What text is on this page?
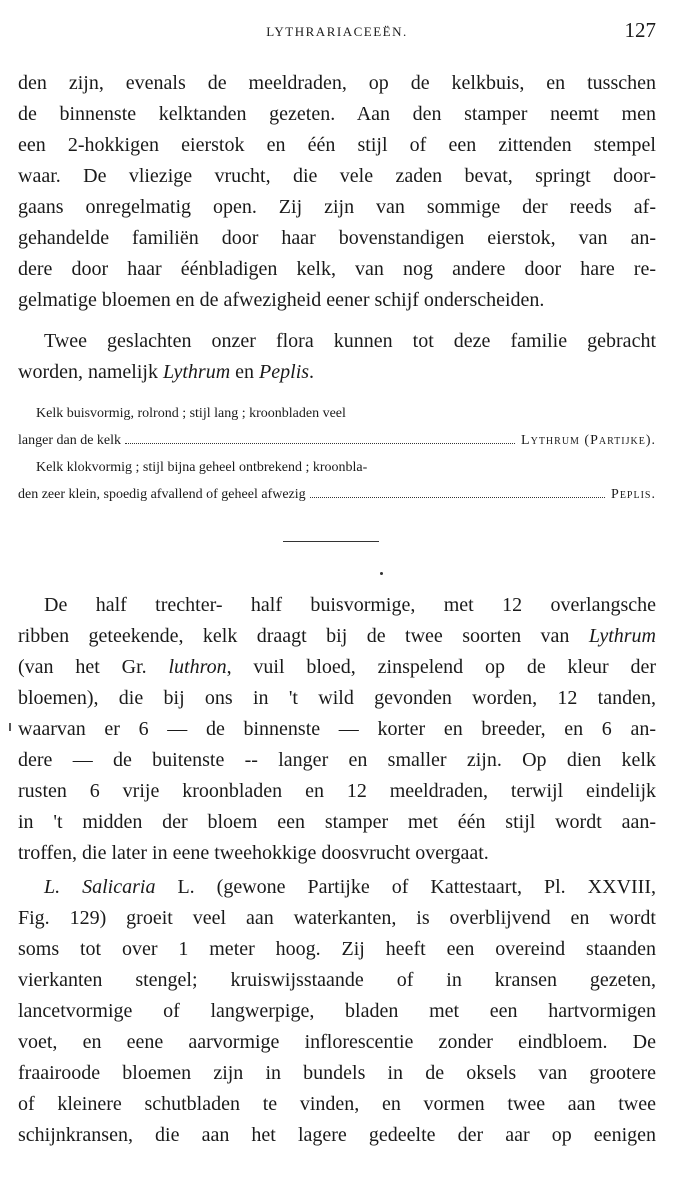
LYTHRARIACEEËN.	127
den zijn, evenals de meeldraden, op de kelkbuis, en tusschen
de binnenste kelktanden gezeten. Aan den stamper neemt men
een 2-hokkigen eierstok en één stijl of een zittenden stempel
waar. De vliezige vrucht, die vele zaden bevat, springt door-
gaans onregelmatig open. Zij zijn van sommige der reeds af-
gehandelde familiën door haar bovenstandigen eierstok, van an-
dere door haar éénbladigen kelk, van nog andere door hare re-
gelmatige bloemen en de afwezigheid eener schijf onderscheiden.
Twee geslachten onzer flora kunnen tot deze familie gebracht
worden, namelijk Lythrum en Peplis.
Kelk buisvormig, rolrond ; stijl lang ; kroonbladen veel
langer dan de kelk	Lythrum (Partijke).
Kelk klokvormig ; stijl bijna geheel ontbrekend ; kroonbla-
den zeer klein, spoedig afvallend of geheel afwezig	Peplis.
De half trechter- half buisvormige, met 12 overlangsche
ribben geteekende, kelk draagt bij de twee soorten van Lythrum
(van het Gr. luthron, vuil bloed, zinspelend op de kleur der
bloemen), die bij ons in 't wild gevonden worden, 12 tanden,
waarvan er 6 — de binnenste — korter en breeder, en 6 an-
dere — de buitenste -- langer en smaller zijn. Op dien kelk
rusten 6 vrije kroonbladen en 12 meeldraden, terwijl eindelijk
in 't midden der bloem een stamper met één stijl wordt aan-
troffen, die later in eene tweehokkige doosvrucht overgaat.
L. Salicaria L. (gewone Partijke of Kattestaart, Pl. XXVIII,
Fig. 129) groeit veel aan waterkanten, is overblijvend en wordt
soms tot over 1 meter hoog. Zij heeft een overeind staanden
vierkanten stengel; kruiswijsstaande of in kransen gezeten,
lancetvormige of langwerpige, bladen met een hartvormigen
voet, en eene aarvormige inflorescentie zonder eindbloem. De
fraairoode bloemen zijn in bundels in de oksels van grootere
of kleinere schutbladen te vinden, en vormen twee aan twee
schijnkransen, die aan het lagere gedeelte der aar op eenigen
